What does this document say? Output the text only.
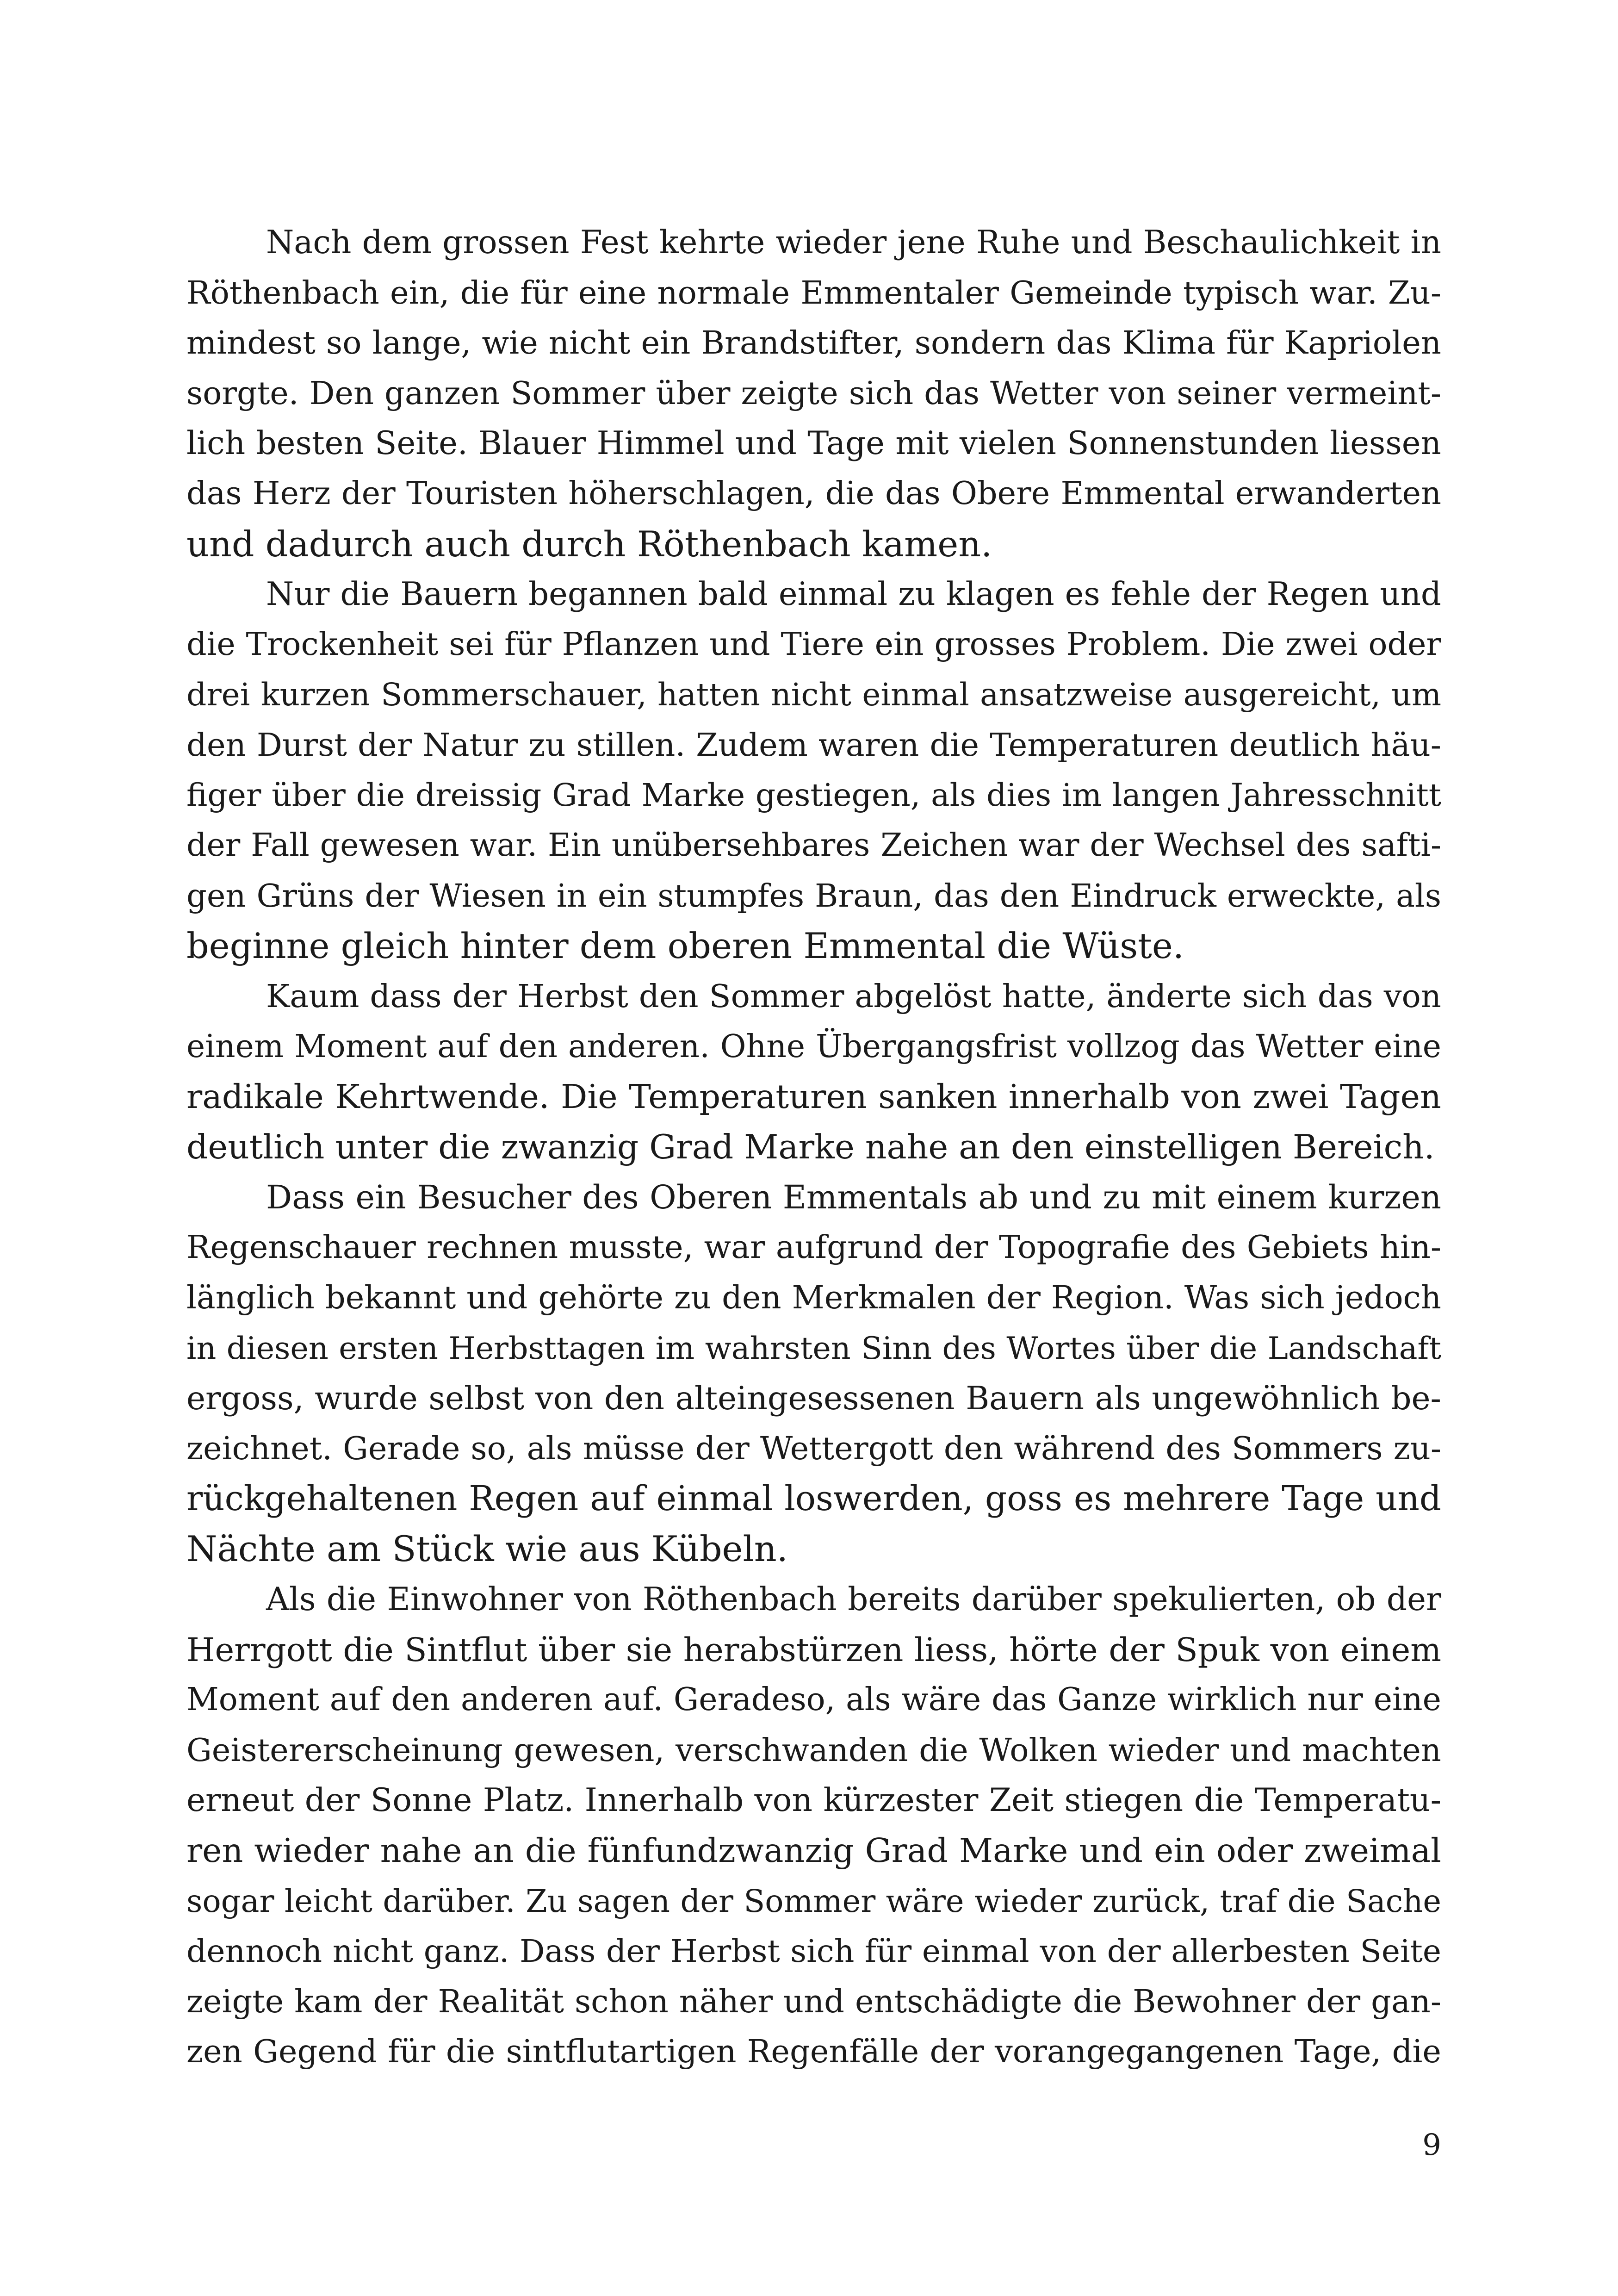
Nach dem grossen Fest kehrte wieder jene Ruhe und Beschaulichkeit in
Röthenbach ein, die für eine normale Emmentaler Gemeinde typisch war. Zu-
mindest so lange, wie nicht ein Brandstifter, sondern das Klima für Kapriolen
sorgte. Den ganzen Sommer über zeigte sich das Wetter von seiner vermeint-
lich besten Seite. Blauer Himmel und Tage mit vielen Sonnenstunden liessen
das Herz der Touristen höherschlagen, die das Obere Emmental erwanderten
und dadurch auch durch Röthenbach kamen.
Nur die Bauern begannen bald einmal zu klagen es fehle der Regen und
die Trockenheit sei für Pflanzen und Tiere ein grosses Problem. Die zwei oder
drei kurzen Sommerschauer, hatten nicht einmal ansatzweise ausgereicht, um
den Durst der Natur zu stillen. Zudem waren die Temperaturen deutlich häu-
figer über die dreissig Grad Marke gestiegen, als dies im langen Jahresschnitt
der Fall gewesen war. Ein unübersehbares Zeichen war der Wechsel des safti-
gen Grüns der Wiesen in ein stumpfes Braun, das den Eindruck erweckte, als
beginne gleich hinter dem oberen Emmental die Wüste.
Kaum dass der Herbst den Sommer abgelöst hatte, änderte sich das von
einem Moment auf den anderen. Ohne Übergangsfrist vollzog das Wetter eine
radikale Kehrtwende. Die Temperaturen sanken innerhalb von zwei Tagen
deutlich unter die zwanzig Grad Marke nahe an den einstelligen Bereich.
Dass ein Besucher des Oberen Emmentals ab und zu mit einem kurzen
Regenschauer rechnen musste, war aufgrund der Topografie des Gebiets hin-
länglich bekannt und gehörte zu den Merkmalen der Region. Was sich jedoch
in diesen ersten Herbsttagen im wahrsten Sinn des Wortes über die Landschaft
ergoss, wurde selbst von den alteingesessenen Bauern als ungewöhnlich be-
zeichnet. Gerade so, als müsse der Wettergott den während des Sommers zu-
rückgehaltenen Regen auf einmal loswerden, goss es mehrere Tage und
Nächte am Stück wie aus Kübeln.
Als die Einwohner von Röthenbach bereits darüber spekulierten, ob der
Herrgott die Sintflut über sie herabstürzen liess, hörte der Spuk von einem
Moment auf den anderen auf. Geradeso, als wäre das Ganze wirklich nur eine
Geistererscheinung gewesen, verschwanden die Wolken wieder und machten
erneut der Sonne Platz. Innerhalb von kürzester Zeit stiegen die Temperatu-
ren wieder nahe an die fünfundzwanzig Grad Marke und ein oder zweimal
sogar leicht darüber. Zu sagen der Sommer wäre wieder zurück, traf die Sache
dennoch nicht ganz. Dass der Herbst sich für einmal von der allerbesten Seite
zeigte kam der Realität schon näher und entschädigte die Bewohner der gan-
zen Gegend für die sintflutartigen Regenfälle der vorangegangenen Tage, die
9
